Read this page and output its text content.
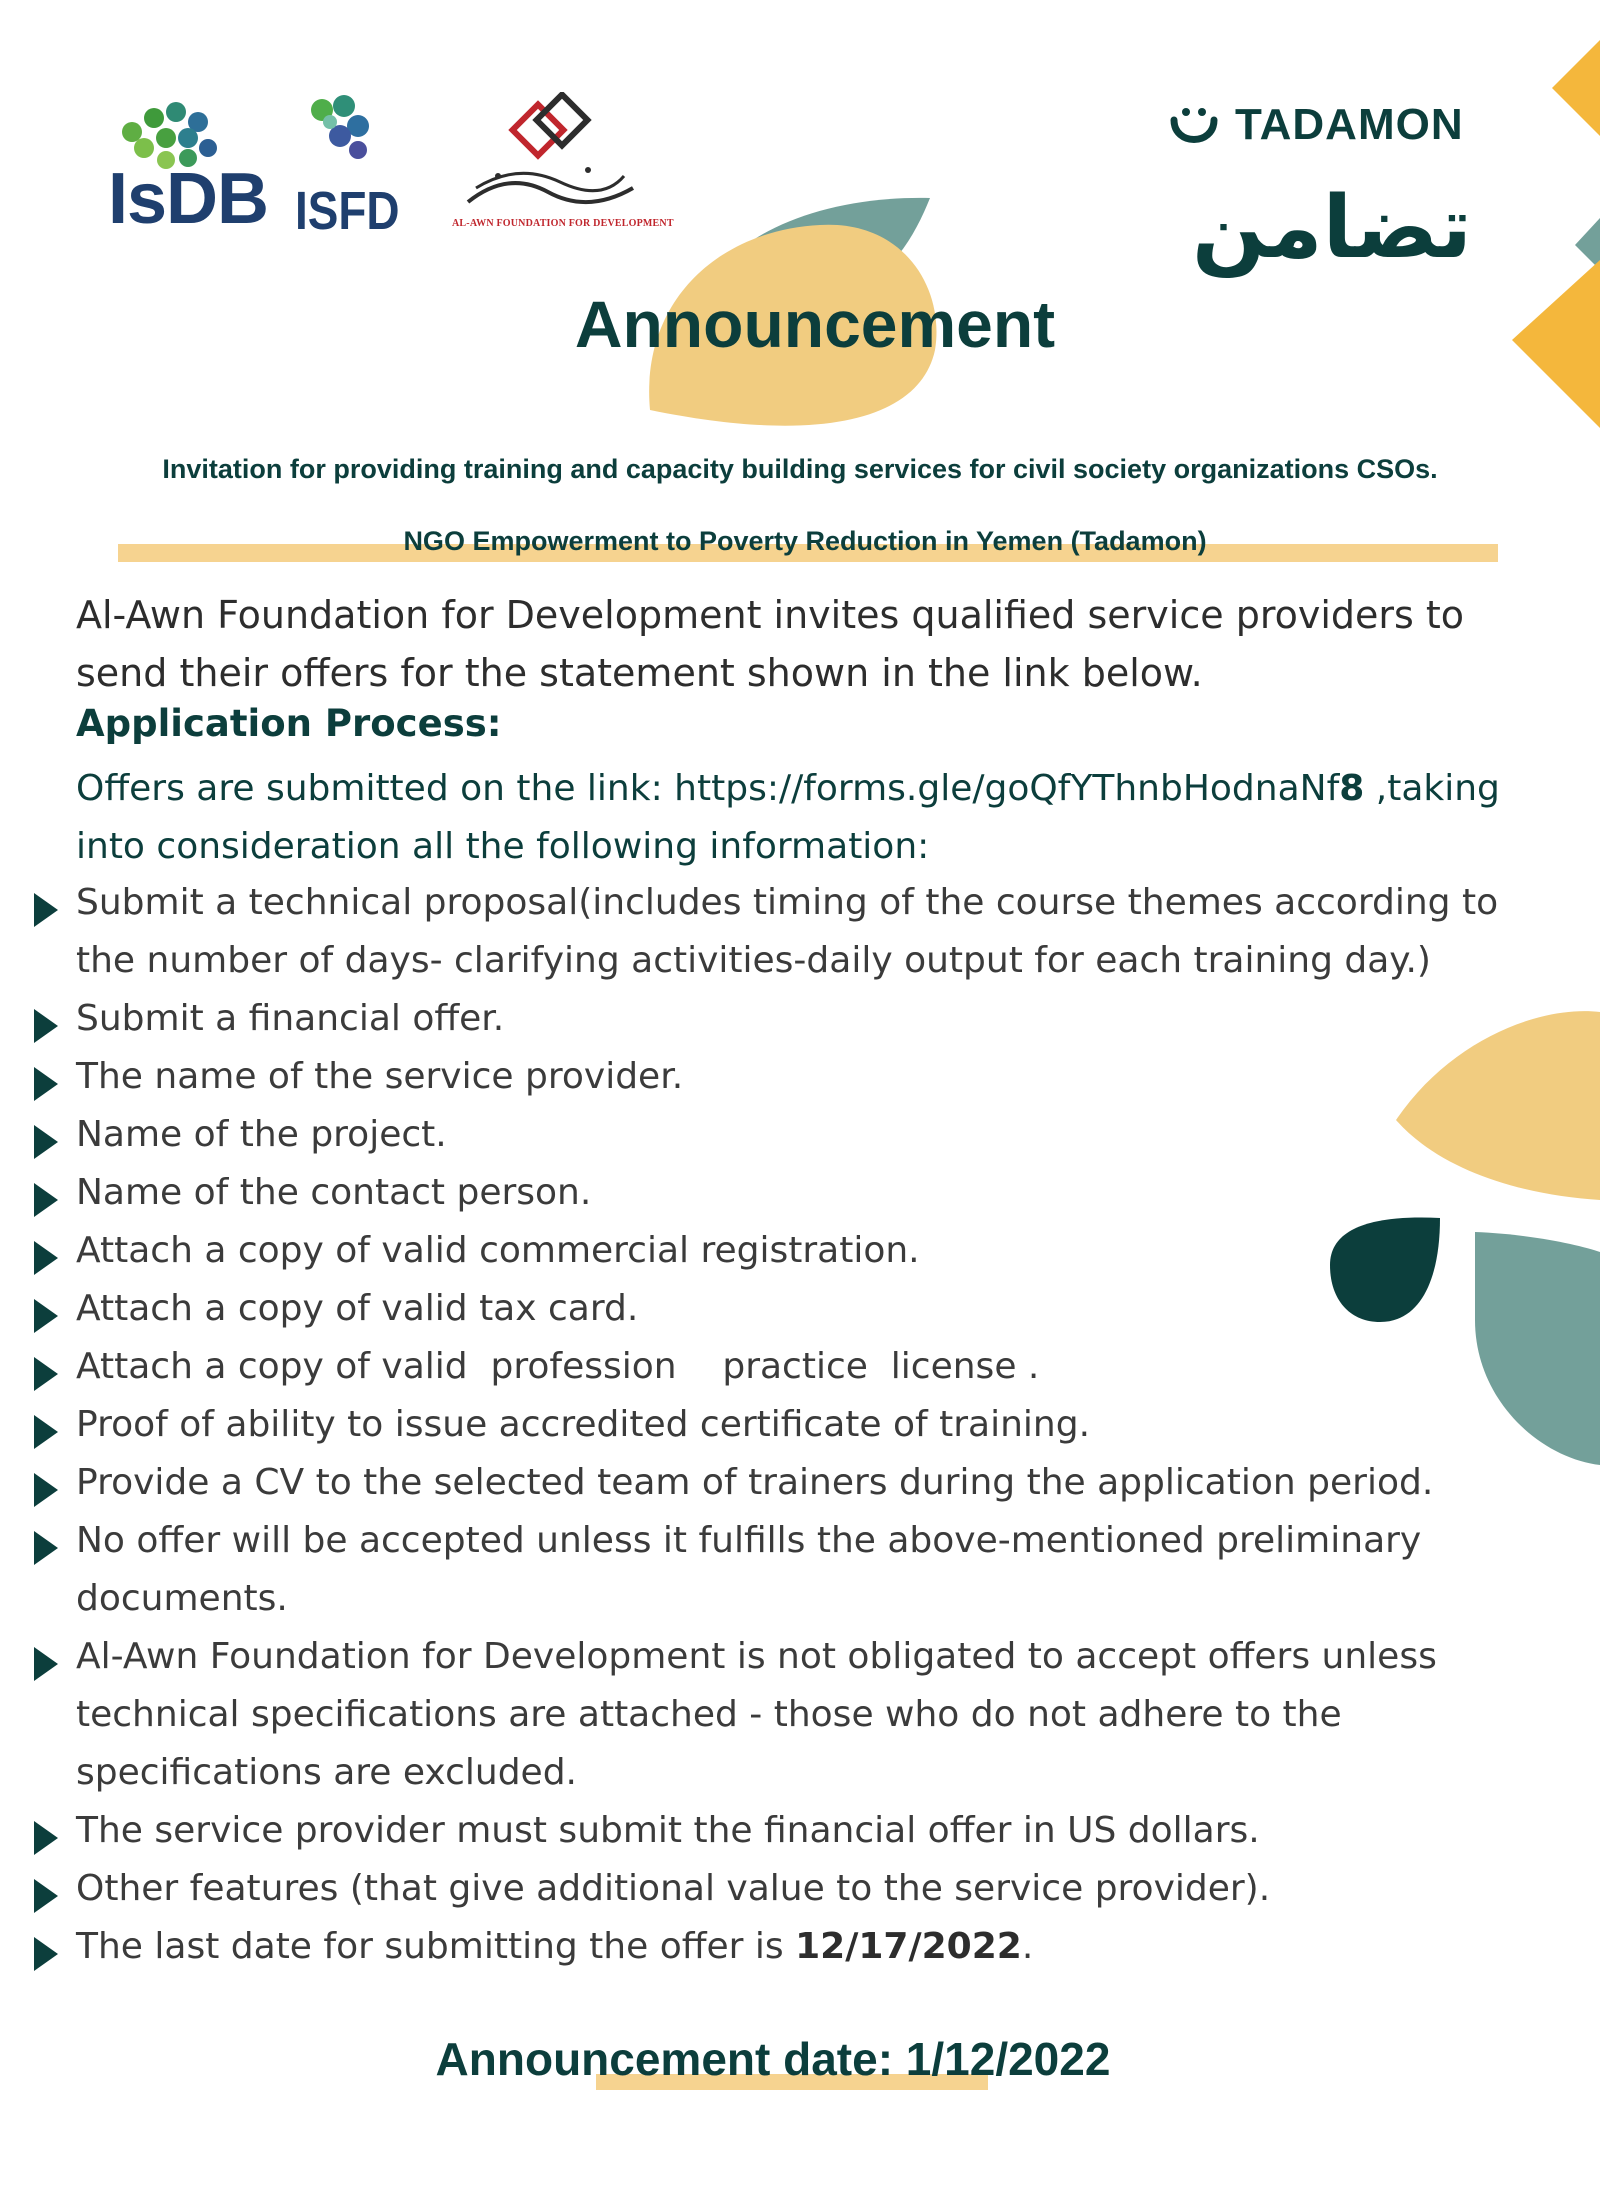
IsDB ISFD	AL-AWN FOUNDATION FOR DEVELOPMENT
TADAMON
تضامن
Announcement
Invitation for providing training and capacity building services for civil society organizations CSOs.
NGO Empowerment to Poverty Reduction in Yemen (Tadamon)
Al-Awn Foundation for Development invites qualified service providers to send their offers for the statement shown in the link below.
Application Process:
Offers are submitted on the link: https://forms.gle/goQfYThnbHodnaNf8 ,taking into consideration all the following information:
Submit a technical proposal(includes timing of the course themes according to the number of days- clarifying activities-daily output for each training day.)
Submit a financial offer.
The name of the service provider.
Name of the project.
Name of the contact person.
Attach a copy of valid commercial registration.
Attach a copy of valid tax card.
Attach a copy of valid  profession    practice  license .
Proof of ability to issue accredited certificate of training.
Provide a CV to the selected team of trainers during the application period.
No offer will be accepted unless it fulfills the above-mentioned preliminary documents.
Al-Awn Foundation for Development is not obligated to accept offers unless technical specifications are attached - those who do not adhere to the specifications are excluded.
The service provider must submit the financial offer in US dollars.
Other features (that give additional value to the service provider).
The last date for submitting the offer is 12/17/2022.
Announcement date: 1/12/2022
